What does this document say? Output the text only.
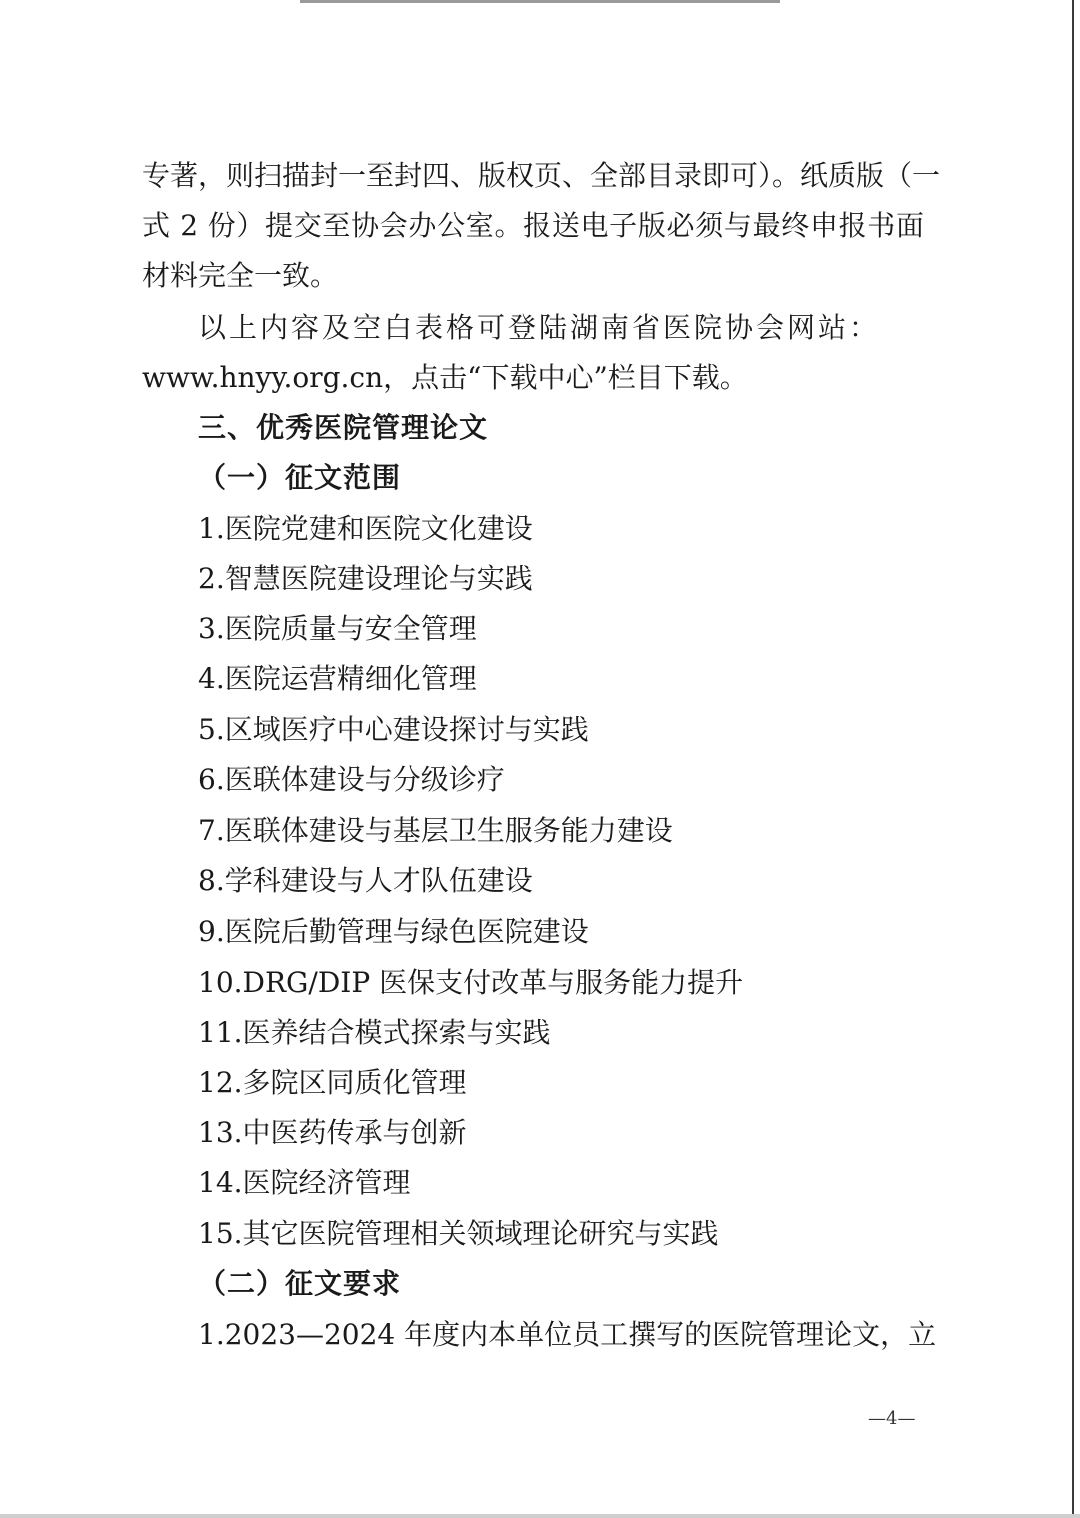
专著，则扫描封一至封四、版权页、全部目录即可）。纸质版（一
式 2 份）提交至协会办公室。报送电子版必须与最终申报书面
材料完全一致。
以上内容及空白表格可登陆湖南省医院协会网站：
www.hnyy.org.cn，点击“下载中心”栏目下载。
三、优秀医院管理论文
（一）征文范围
1.医院党建和医院文化建设
2.智慧医院建设理论与实践
3.医院质量与安全管理
4.医院运营精细化管理
5.区域医疗中心建设探讨与实践
6.医联体建设与分级诊疗
7.医联体建设与基层卫生服务能力建设
8.学科建设与人才队伍建设
9.医院后勤管理与绿色医院建设
10.DRG/DIP 医保支付改革与服务能力提升
11.医养结合模式探索与实践
12.多院区同质化管理
13.中医药传承与创新
14.医院经济管理
15.其它医院管理相关领域理论研究与实践
（二）征文要求
1.2023—2024 年度内本单位员工撰写的医院管理论文，立
—4—
